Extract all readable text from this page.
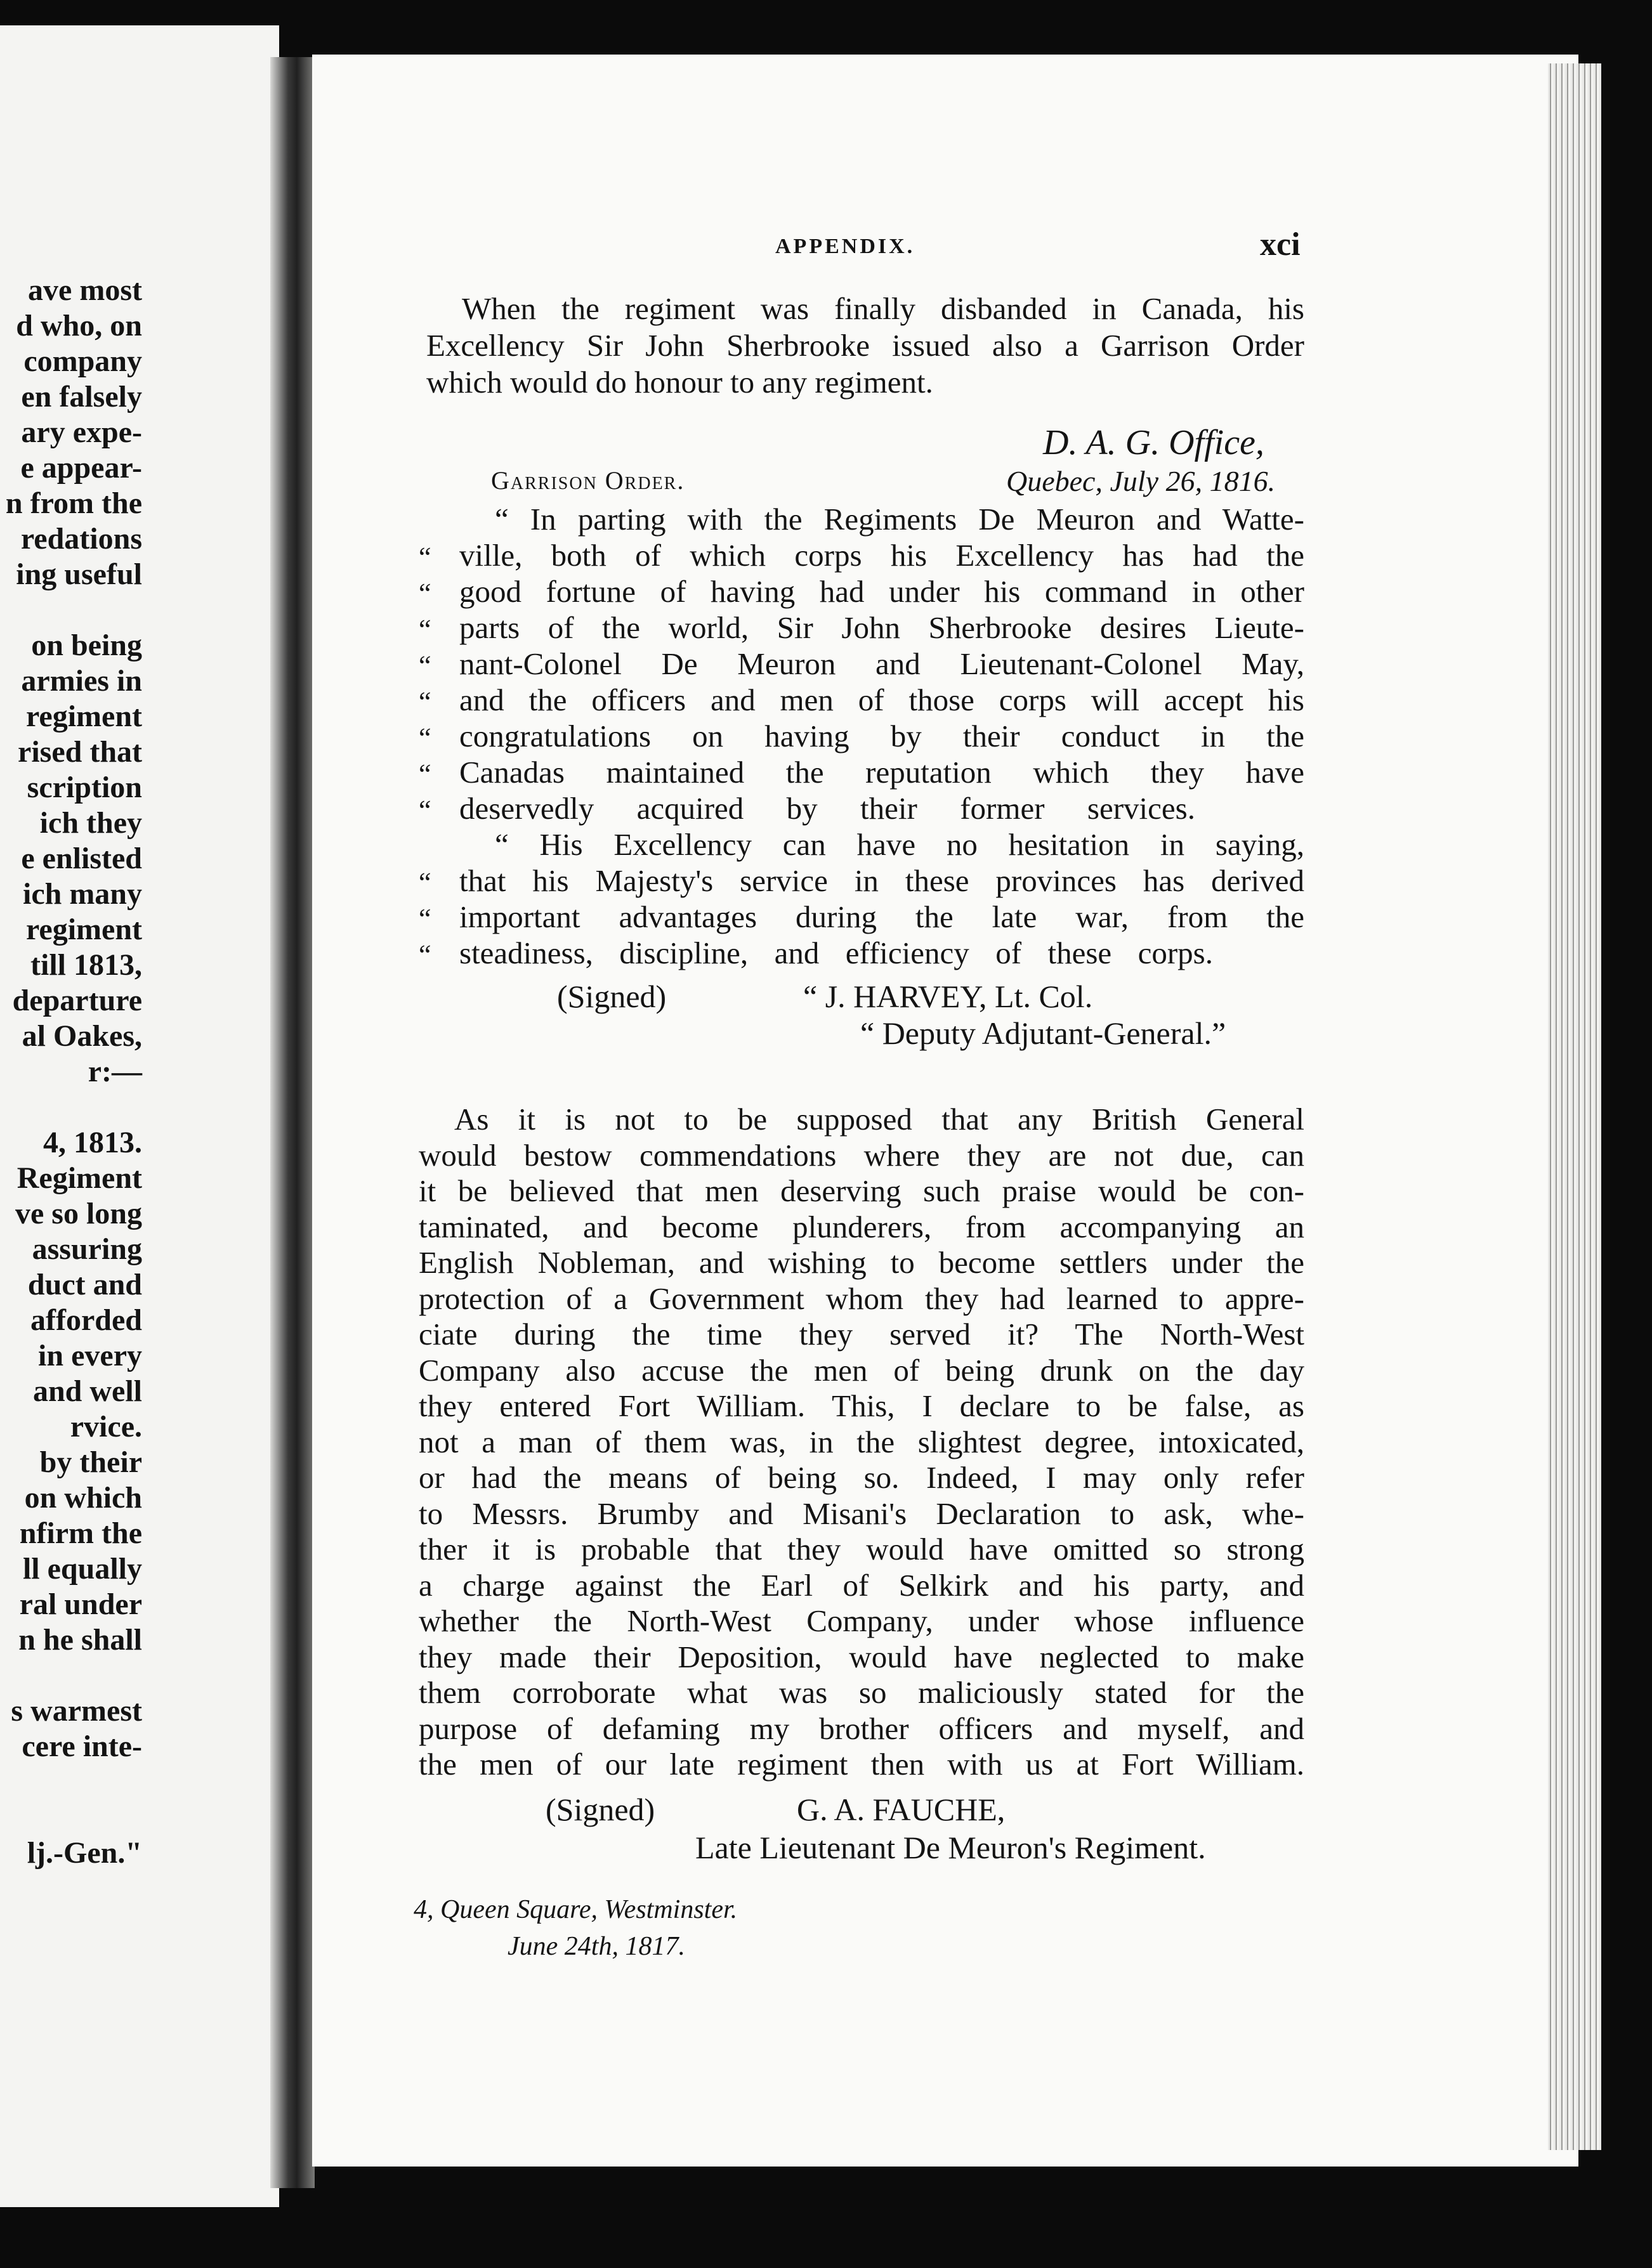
ave most
d who, on
company
en falsely
ary expe-
e appear-
n from the
redations
ing useful
on being
armies in
regiment
rised that
scription
ich they
e enlisted
ich many
regiment
till 1813,
departure
al Oakes,
r:—
4, 1813.
Regiment
ve so long
assuring
duct and
afforded
in every
and well
rvice.
by their
on which
nfirm the
ll equally
ral under
n he shall
s warmest
cere inte-
lj.-Gen."
APPENDIX.	xci
When the regiment was finally disbanded in Canada, his
Excellency Sir John Sherbrooke issued also a Garrison Order
which would do honour to any regiment.
D. A. G. Office,
Garrison Order.	Quebec, July 26, 1816.
“ In parting with the Regiments De Meuron and Watte-
ville, both of which corps his Excellency has had the
good fortune of having had under his command in other
parts of the world, Sir John Sherbrooke desires Lieute-
nant-Colonel De Meuron and Lieutenant-Colonel May,
and the officers and men of those corps will accept his
congratulations on having by their conduct in the
Canadas maintained the reputation which they have
deservedly acquired by their former services.
“ His Excellency can have no hesitation in saying,
that his Majesty's service in these provinces has derived
important advantages during the late war, from the
steadiness, discipline, and efficiency of these corps.
“
“
“
“
“
“
“
“
“
“
“
(Signed)	“ J. HARVEY, Lt. Col.
“ Deputy Adjutant-General.”
As it is not to be supposed that any British General
would bestow commendations where they are not due, can
it be believed that men deserving such praise would be con-
taminated, and become plunderers, from accompanying an
English Nobleman, and wishing to become settlers under the
protection of a Government whom they had learned to appre-
ciate during the time they served it? The North-West
Company also accuse the men of being drunk on the day
they entered Fort William. This, I declare to be false, as
not a man of them was, in the slightest degree, intoxicated,
or had the means of being so. Indeed, I may only refer
to Messrs. Brumby and Misani's Declaration to ask, whe-
ther it is probable that they would have omitted so strong
a charge against the Earl of Selkirk and his party, and
whether the North-West Company, under whose influence
they made their Deposition, would have neglected to make
them corroborate what was so maliciously stated for the
purpose of defaming my brother officers and myself, and
the men of our late regiment then with us at Fort William.
(Signed)	G. A. FAUCHE,
Late Lieutenant De Meuron's Regiment.
4, Queen Square, Westminster.
June 24th, 1817.
